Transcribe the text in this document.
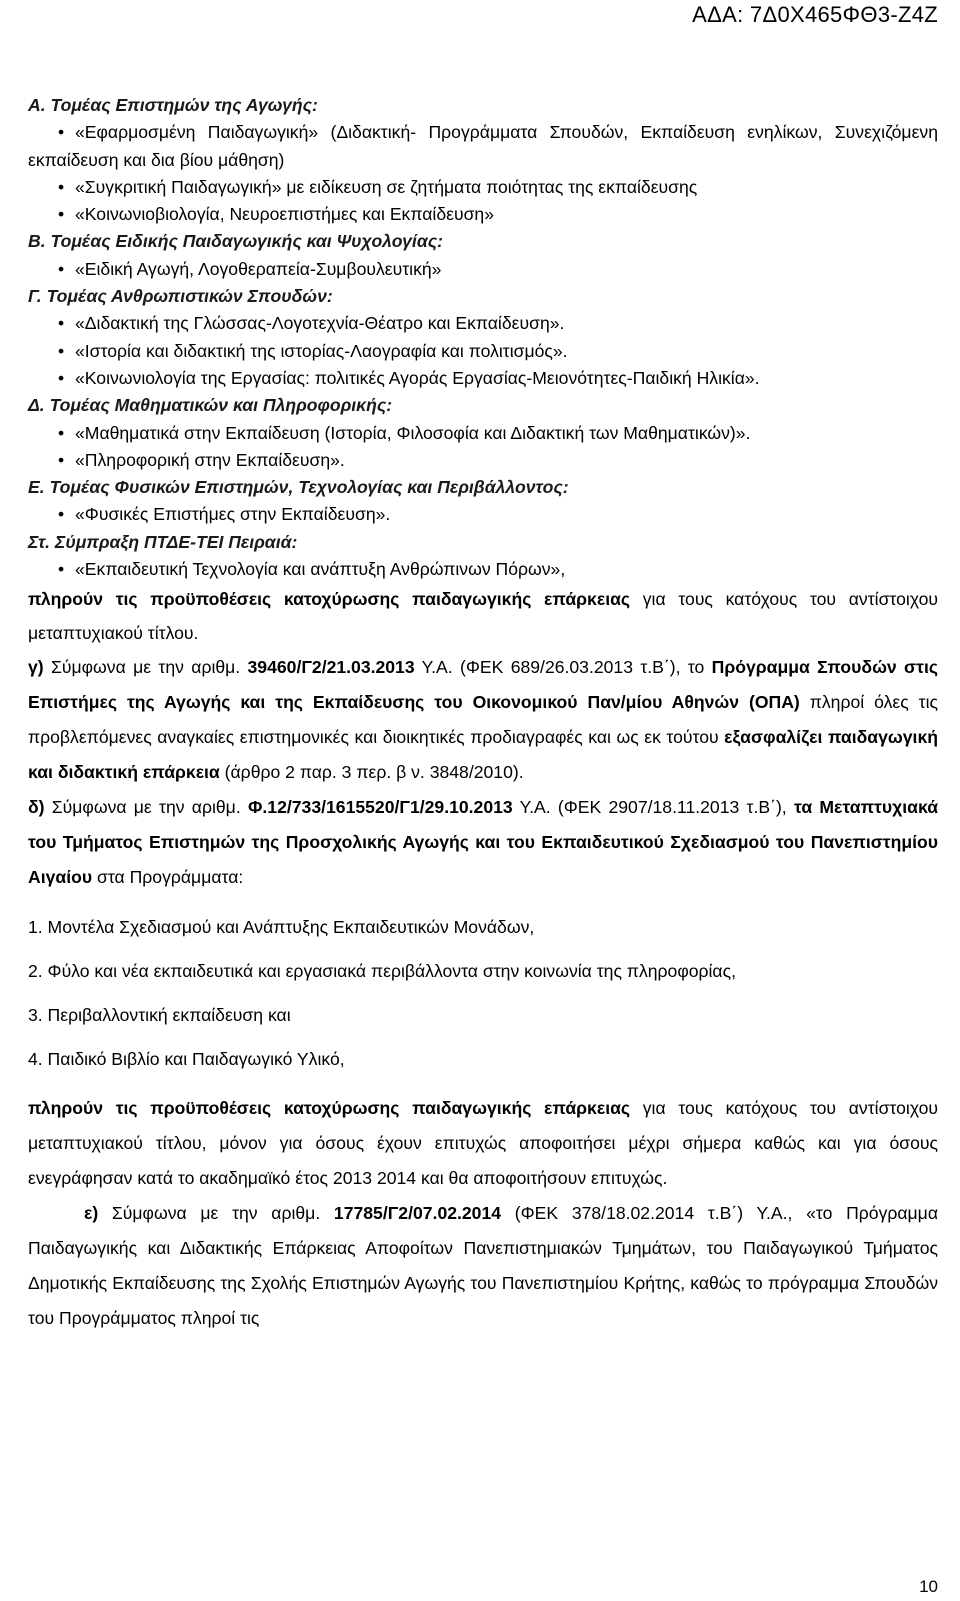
ΑΔΑ: 7Δ0Χ465ΦΘ3-Ζ4Ζ
Α. Τομέας Επιστημών της Αγωγής:
• «Εφαρμοσμένη Παιδαγωγική» (Διδακτική- Προγράμματα Σπουδών, Εκπαίδευση ενηλίκων, Συνεχιζόμενη εκπαίδευση και δια βίου μάθηση)
• «Συγκριτική Παιδαγωγική» με ειδίκευση σε ζητήματα ποιότητας της εκπαίδευσης
• «Κοινωνιοβιολογία, Νευροεπιστήμες και Εκπαίδευση»
Β. Τομέας Ειδικής Παιδαγωγικής και Ψυχολογίας:
• «Ειδική Αγωγή, Λογοθεραπεία-Συμβουλευτική»
Γ. Τομέας Ανθρωπιστικών Σπουδών:
• «Διδακτική της Γλώσσας-Λογοτεχνία-Θέατρο και Εκπαίδευση».
• «Ιστορία και διδακτική της ιστορίας-Λαογραφία και πολιτισμός».
• «Κοινωνιολογία της Εργασίας: πολιτικές Αγοράς Εργασίας-Μειονότητες-Παιδική Ηλικία».
Δ. Τομέας Μαθηματικών και Πληροφορικής:
• «Μαθηματικά στην Εκπαίδευση (Ιστορία, Φιλοσοφία και Διδακτική των Μαθηματικών)».
• «Πληροφορική στην Εκπαίδευση».
Ε. Τομέας Φυσικών Επιστημών, Τεχνολογίας και Περιβάλλοντος:
• «Φυσικές Επιστήμες στην Εκπαίδευση».
Στ. Σύμπραξη ΠΤΔΕ-ΤΕΙ Πειραιά:
• «Εκπαιδευτική Τεχνολογία και ανάπτυξη Ανθρώπινων Πόρων»,
πληρούν τις προϋποθέσεις κατοχύρωσης παιδαγωγικής επάρκειας για τους κατόχους του αντίστοιχου μεταπτυχιακού τίτλου.
γ) Σύμφωνα με την αριθμ. 39460/Γ2/21.03.2013 Υ.Α. (ΦΕΚ 689/26.03.2013 τ.Β΄), το Πρόγραμμα Σπουδών στις Επιστήμες της Αγωγής και της Εκπαίδευσης του Οικονομικού Παν/μίου Αθηνών (ΟΠΑ) πληροί όλες τις προβλεπόμενες αναγκαίες επιστημονικές και διοικητικές προδιαγραφές και ως εκ τούτου εξασφαλίζει παιδαγωγική και διδακτική επάρκεια (άρθρο 2 παρ. 3 περ. β ν. 3848/2010).
δ) Σύμφωνα με την αριθμ. Φ.12/733/1615520/Γ1/29.10.2013 Υ.Α. (ΦΕΚ 2907/18.11.2013 τ.Β΄), τα Μεταπτυχιακά του Τμήματος Επιστημών της Προσχολικής Αγωγής και του Εκπαιδευτικού Σχεδιασμού του Πανεπιστημίου Αιγαίου στα Προγράμματα:
1. Μοντέλα Σχεδιασμού και Ανάπτυξης Εκπαιδευτικών Μονάδων,
2. Φύλο και νέα εκπαιδευτικά και εργασιακά περιβάλλοντα στην κοινωνία της πληροφορίας,
3. Περιβαλλοντική εκπαίδευση και
4. Παιδικό Βιβλίο και Παιδαγωγικό Υλικό,
πληρούν τις προϋποθέσεις κατοχύρωσης παιδαγωγικής επάρκειας για τους κατόχους του αντίστοιχου μεταπτυχιακού τίτλου, μόνον για όσους έχουν επιτυχώς αποφοιτήσει μέχρι σήμερα καθώς και για όσους ενεγράφησαν κατά το ακαδημαϊκό έτος 2013 2014 και θα αποφοιτήσουν επιτυχώς.
ε) Σύμφωνα με την αριθμ. 17785/Γ2/07.02.2014 (ΦΕΚ 378/18.02.2014 τ.Β΄) Υ.Α., «το Πρόγραμμα Παιδαγωγικής και Διδακτικής Επάρκειας Αποφοίτων Πανεπιστημιακών Τμημάτων, του Παιδαγωγικού Τμήματος Δημοτικής Εκπαίδευσης της Σχολής Επιστημών Αγωγής του Πανεπιστημίου Κρήτης, καθώς το πρόγραμμα Σπουδών του Προγράμματος πληροί τις
10
